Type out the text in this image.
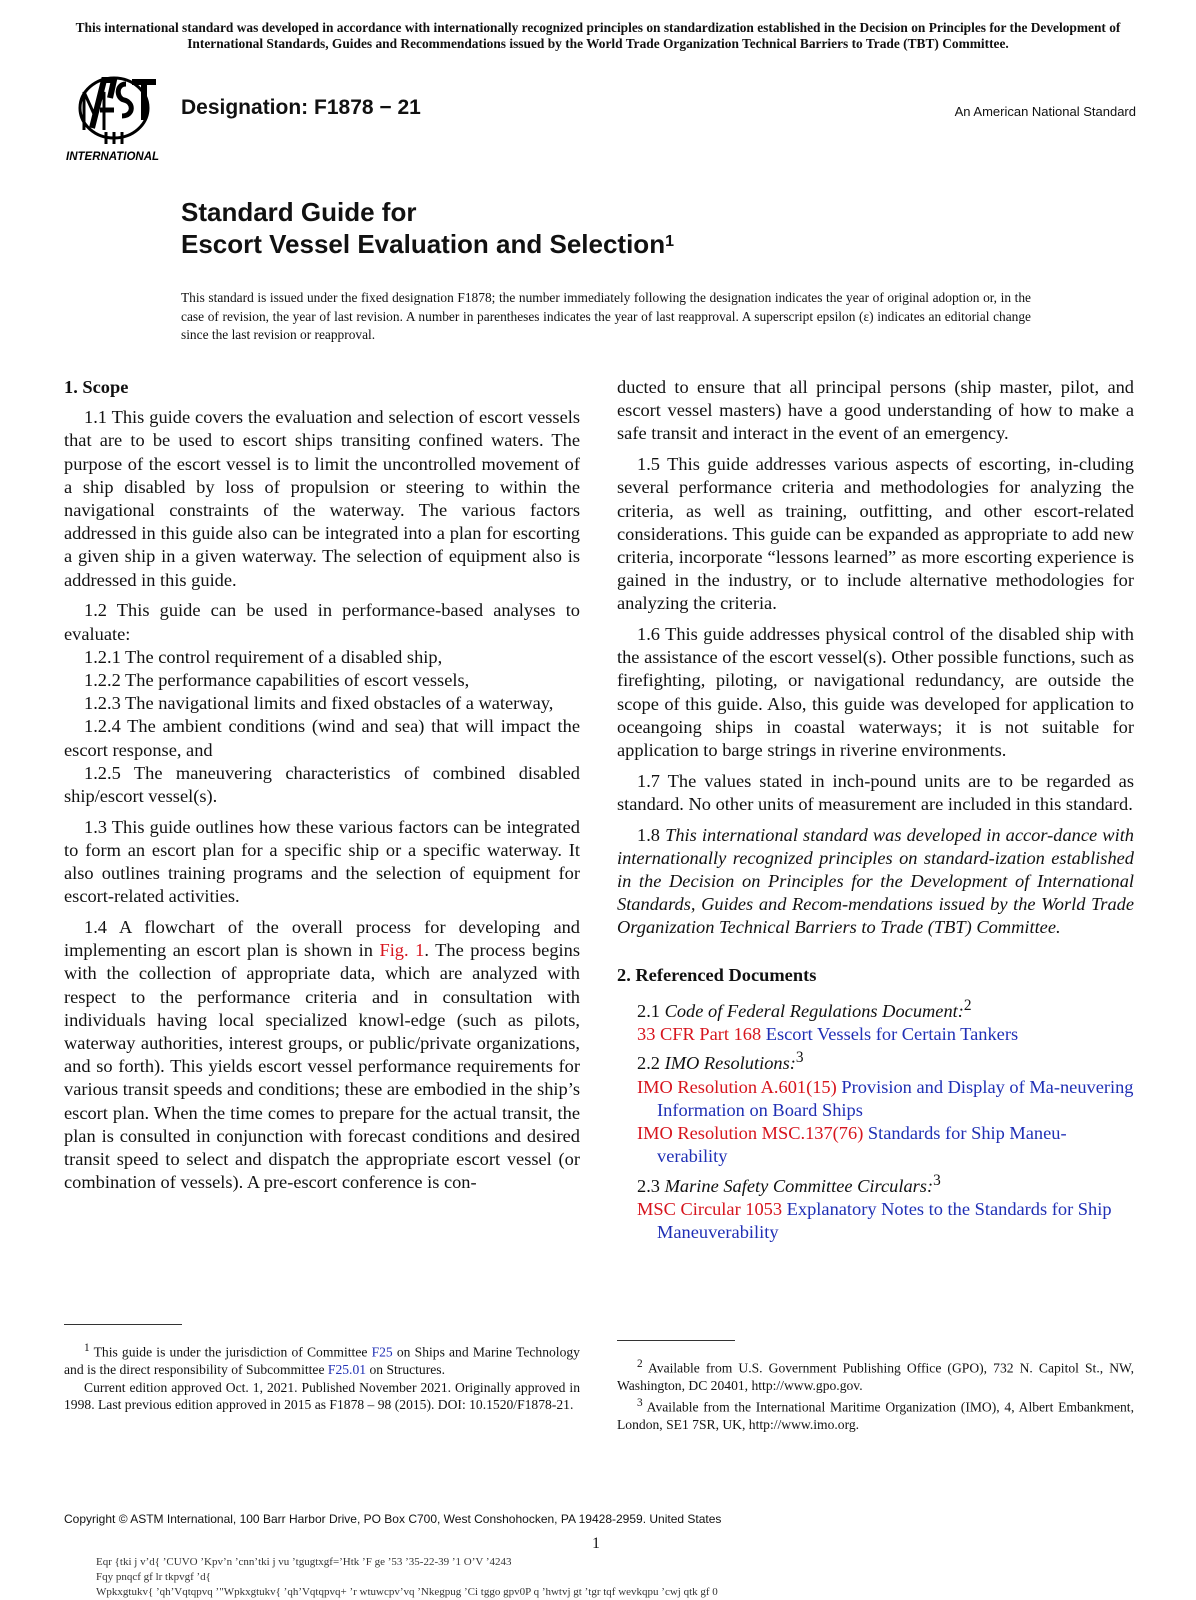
This international standard was developed in accordance with internationally recognized principles on standardization established in the Decision on Principles for the Development of International Standards, Guides and Recommendations issued by the World Trade Organization Technical Barriers to Trade (TBT) Committee.
INTERNATIONAL
Designation: F1878 − 21	An American National Standard
Standard Guide for
Escort Vessel Evaluation and Selection$^1$
This standard is issued under the fixed designation F1878; the number immediately following the designation indicates the year of original adoption or, in the case of revision, the year of last revision. A number in parentheses indicates the year of last reapproval. A superscript epsilon (ε) indicates an editorial change since the last revision or reapproval.
1. Scope

1.1 This guide covers the evaluation and selection of escort vessels that are to be used to escort ships transiting confined waters. The purpose of the escort vessel is to limit the uncontrolled movement of a ship disabled by loss of propulsion or steering to within the navigational constraints of the waterway. The various factors addressed in this guide also can be integrated into a plan for escorting a given ship in a given waterway. The selection of equipment also is addressed in this guide.

1.2 This guide can be used in performance-based analyses to evaluate:

1.2.1 The control requirement of a disabled ship,

1.2.2 The performance capabilities of escort vessels,

1.2.3 The navigational limits and fixed obstacles of a waterway,

1.2.4 The ambient conditions (wind and sea) that will impact the escort response, and

1.2.5 The maneuvering characteristics of combined disabled ship/escort vessel(s).

1.3 This guide outlines how these various factors can be integrated to form an escort plan for a specific ship or a specific waterway. It also outlines training programs and the selection of equipment for escort-related activities.

1.4 A flowchart of the overall process for developing and implementing an escort plan is shown in Fig. 1. The process begins with the collection of appropriate data, which are analyzed with respect to the performance criteria and in consultation with individuals having local specialized knowl-edge (such as pilots, waterway authorities, interest groups, or public/private organizations, and so forth). This yields escort vessel performance requirements for various transit speeds and conditions; these are embodied in the ship’s escort plan. When the time comes to prepare for the actual transit, the plan is consulted in conjunction with forecast conditions and desired transit speed to select and dispatch the appropriate escort vessel (or combination of vessels). A pre-escort conference is con-

ducted to ensure that all principal persons (ship master, pilot, and escort vessel masters) have a good understanding of how to make a safe transit and interact in the event of an emergency.

1.5 This guide addresses various aspects of escorting, in-cluding several performance criteria and methodologies for analyzing the criteria, as well as training, outfitting, and other escort-related considerations. This guide can be expanded as appropriate to add new criteria, incorporate “lessons learned” as more escorting experience is gained in the industry, or to include alternative methodologies for analyzing the criteria.

1.6 This guide addresses physical control of the disabled ship with the assistance of the escort vessel(s). Other possible functions, such as firefighting, piloting, or navigational redundancy, are outside the scope of this guide. Also, this guide was developed for application to oceangoing ships in coastal waterways; it is not suitable for application to barge strings in riverine environments.

1.7 The values stated in inch-pound units are to be regarded as standard. No other units of measurement are included in this standard.

1.8 This international standard was developed in accor-dance with internationally recognized principles on standard-ization established in the Decision on Principles for the Development of International Standards, Guides and Recom-mendations issued by the World Trade Organization Technical Barriers to Trade (TBT) Committee.

2. Referenced Documents

2.1 Code of Federal Regulations Document:$^2$

33 CFR Part 168 Escort Vessels for Certain Tankers

2.2 IMO Resolutions:$^3$

IMO Resolution A.601(15) Provision and Display of Ma-neuvering Information on Board Ships

IMO Resolution MSC.137(76) Standards for Ship Maneu-verability

2.3 Marine Safety Committee Circulars:$^3$

MSC Circular 1053 Explanatory Notes to the Standards for Ship Maneuverability

$^1$ This guide is under the jurisdiction of Committee F25 on Ships and Marine Technology and is the direct responsibility of Subcommittee F25.01 on Structures.

Current edition approved Oct. 1, 2021. Published November 2021. Originally approved in 1998. Last previous edition approved in 2015 as F1878 – 98 (2015). DOI: 10.1520/F1878-21.

$^2$ Available from U.S. Government Publishing Office (GPO), 732 N. Capitol St., NW, Washington, DC 20401, http://www.gpo.gov.

$^3$ Available from the International Maritime Organization (IMO), 4, Albert Embankment, London, SE1 7SR, UK, http://www.imo.org.

Copyright © ASTM International, 100 Barr Harbor Drive, PO Box C700, West Conshohocken, PA 19428-2959. United States
1
Eqr {tki j vʼd{ ʼCUVO ʼKpvʼn ʼcnnʼtki j vu ʼtgugtxgf=ʼHtk ʼF ge ʼ53 ʼ35-22-39 ʼ1 OʼV ʼ4243
Fqy pnqcf gf lr tkpvgf ʼd{
Wpkxgtukv{ ʼqhʼVqtqpvq ʼ"Wpkxgtukv{ ʼqhʼVqtqpvq+ ʼr wtuwcpvʼvq ʼNkegpug ʼCi tggo gpv0P q ʼhwtvj gt ʼtgr tqf wevkqpu ʼcwj qtk gf 0
